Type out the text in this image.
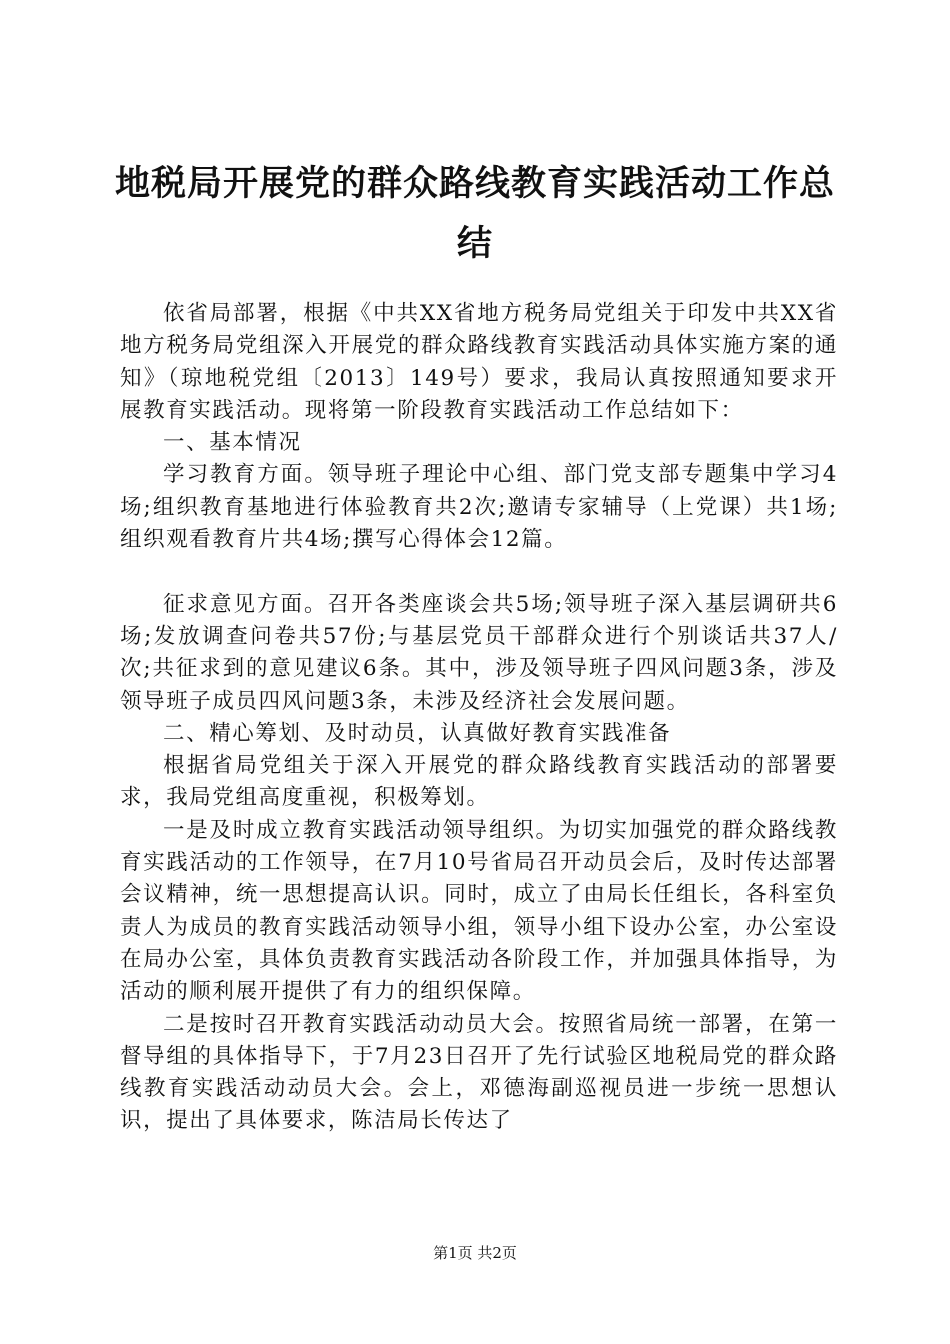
地税局开展党的群众路线教育实践活动工作总
结

依省局部署，根据《中共XX省地方税务局党组关于印发中共XX省地方税务局党组深入开展党的群众路线教育实践活动具体实施方案的通知》（琼地税党组〔2013〕149号）要求，我局认真按照通知要求开展教育实践活动。现将第一阶段教育实践活动工作总结如下：

一、基本情况

学习教育方面。领导班子理论中心组、部门党支部专题集中学习4场;组织教育基地进行体验教育共2次;邀请专家辅导（上党课）共1场;组织观看教育片共4场;撰写心得体会12篇。

征求意见方面。召开各类座谈会共5场;领导班子深入基层调研共6场;发放调查问卷共57份;与基层党员干部群众进行个别谈话共37人/次;共征求到的意见建议6条。其中，涉及领导班子四风问题3条，涉及领导班子成员四风问题3条，未涉及经济社会发展问题。

二、精心筹划、及时动员，认真做好教育实践准备

根据省局党组关于深入开展党的群众路线教育实践活动的部署要求，我局党组高度重视，积极筹划。

一是及时成立教育实践活动领导组织。为切实加强党的群众路线教育实践活动的工作领导，在7月10号省局召开动员会后，及时传达部署会议精神，统一思想提高认识。同时，成立了由局长任组长，各科室负责人为成员的教育实践活动领导小组，领导小组下设办公室，办公室设在局办公室，具体负责教育实践活动各阶段工作，并加强具体指导，为活动的顺利展开提供了有力的组织保障。

二是按时召开教育实践活动动员大会。按照省局统一部署，在第一督导组的具体指导下，于7月23日召开了先行试验区地税局党的群众路线教育实践活动动员大会。会上，邓德海副巡视员进一步统一思想认识，提出了具体要求，陈洁局长传达了

第1页 共2页
